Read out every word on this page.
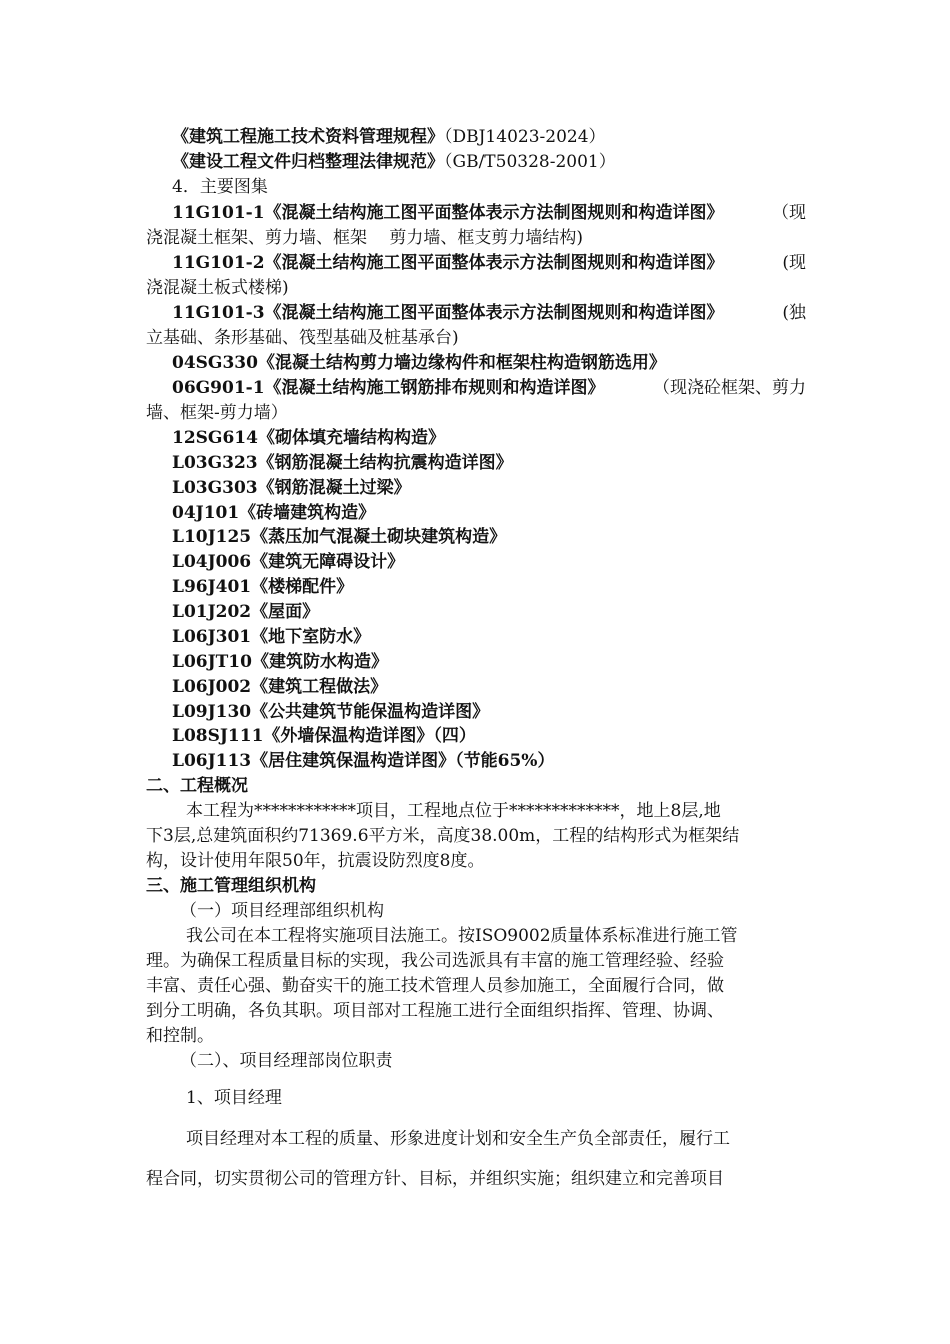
《建筑工程施工技术资料管理规程》（DBJ14023-2024）
《建设工程文件归档整理法律规范》（GB/T50328-2001）
4．主要图集
11G101-1《混凝土结构施工图平面整体表示方法制图规则和构造详图》	（现
浇混凝土框架、剪力墙、框架　 剪力墙、框支剪力墙结构)
11G101-2《混凝土结构施工图平面整体表示方法制图规则和构造详图》	(现
浇混凝土板式楼梯)
11G101-3《混凝土结构施工图平面整体表示方法制图规则和构造详图》	(独
立基础、条形基础、筏型基础及桩基承台)
04SG330《混凝土结构剪力墙边缘构件和框架柱构造钢筋选用》
06G901-1《混凝土结构施工钢筋排布规则和构造详图》	（现浇砼框架、剪力
墙、框架-剪力墙）
12SG614《砌体填充墙结构构造》
L03G323《钢筋混凝土结构抗震构造详图》
L03G303《钢筋混凝土过梁》
04J101《砖墙建筑构造》
L10J125《蒸压加气混凝土砌块建筑构造》
L04J006《建筑无障碍设计》
L96J401《楼梯配件》
L01J202《屋面》
L06J301《地下室防水》
L06JT10《建筑防水构造》
L06J002《建筑工程做法》
L09J130《公共建筑节能保温构造详图》
L08SJ111《外墙保温构造详图》（四）
L06J113《居住建筑保温构造详图》（节能65%）
二、工程概况
本工程为************项目，工程地点位于*************，地上8层,地
下3层,总建筑面积约71369.6平方米，高度38.00m，工程的结构形式为框架结
构，设计使用年限50年，抗震设防烈度8度。
三、施工管理组织机构
（一）项目经理部组织机构
我公司在本工程将实施项目法施工。按ISO9002质量体系标准进行施工管
理。为确保工程质量目标的实现，我公司选派具有丰富的施工管理经验、经验
丰富、责任心强、勤奋实干的施工技术管理人员参加施工，全面履行合同，做
到分工明确，各负其职。项目部对工程施工进行全面组织指挥、管理、协调、
和控制。
（二）、项目经理部岗位职责
1、项目经理
项目经理对本工程的质量、形象进度计划和安全生产负全部责任，履行工
程合同，切实贯彻公司的管理方针、目标，并组织实施；组织建立和完善项目
